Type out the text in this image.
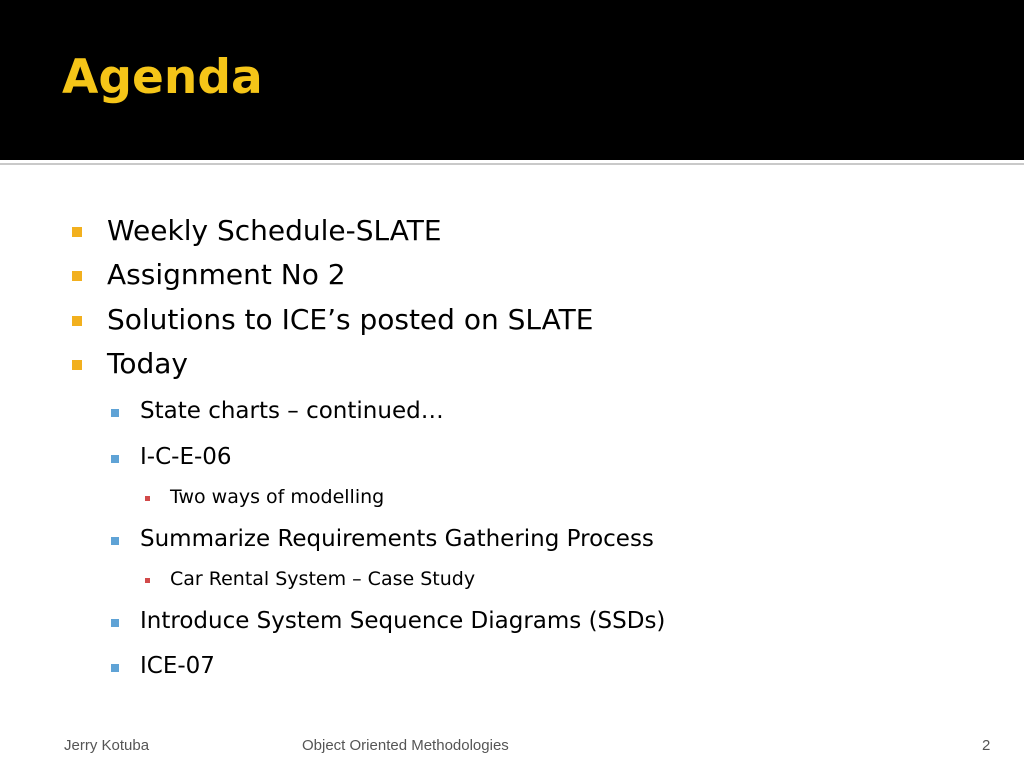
Agenda
Weekly Schedule-SLATE
Assignment No 2
Solutions to ICE’s posted on SLATE
Today
State charts – continued…
I-C-E-06
Two ways of modelling
Summarize Requirements Gathering Process
Car Rental System – Case Study
Introduce System Sequence Diagrams (SSDs)
ICE-07
Jerry Kotuba	Object Oriented Methodologies	2
